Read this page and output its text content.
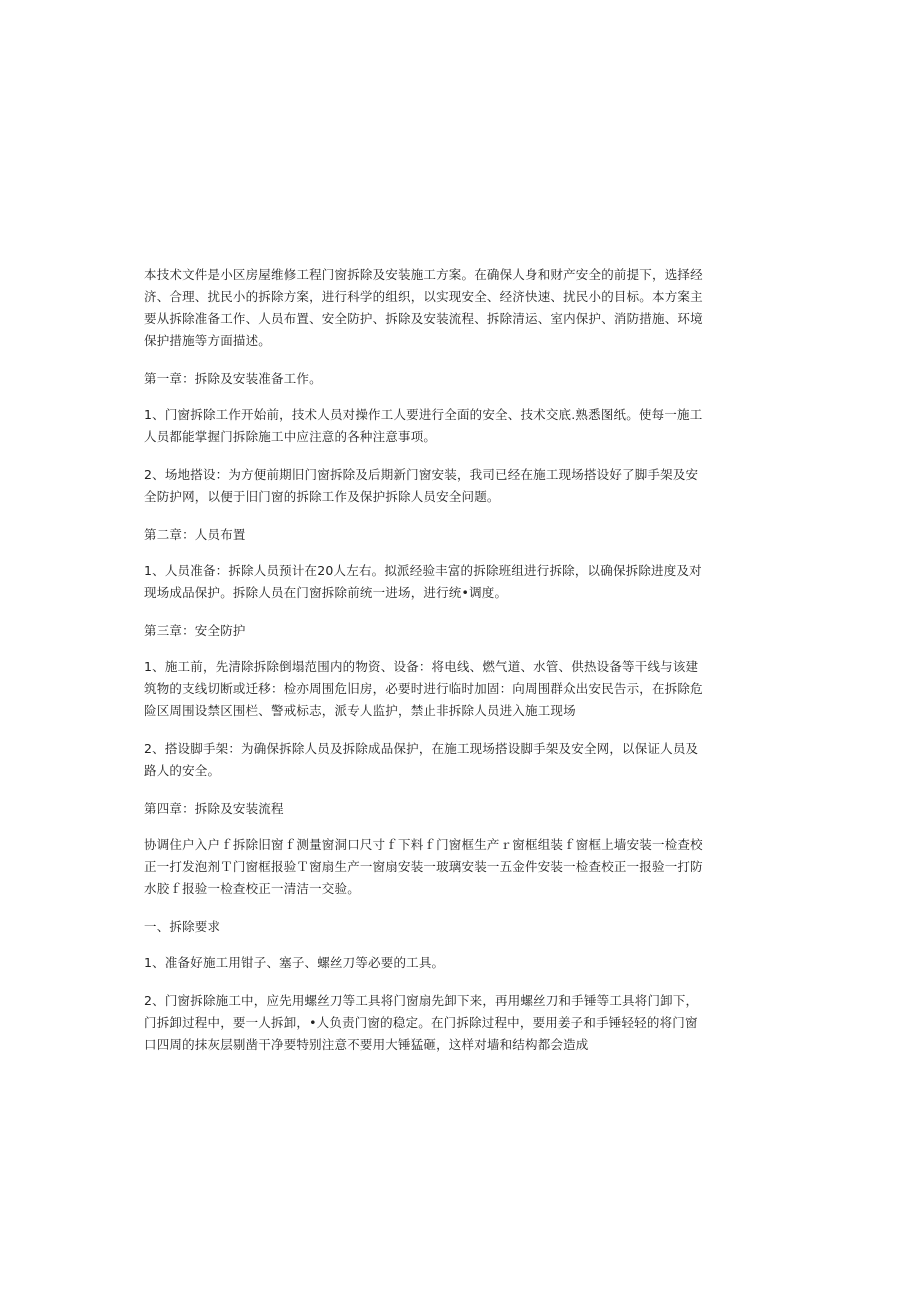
本技术文件是小区房屋维修工程门窗拆除及安装施工方案。在确保人身和财产安全的前提下，选择经济、合理、扰民小的拆除方案，进行科学的组织，以实现安全、经济快速、扰民小的目标。本方案主要从拆除准备工作、人员布置、安全防护、拆除及安装流程、拆除清运、室内保护、消防措施、环境保护措施等方面描述。

第一章：拆除及安装准备工作。

1、门窗拆除工作开始前，技术人员对操作工人要进行全面的安全、技术交底.熟悉图纸。使每一施工人员都能掌握门拆除施工中应注意的各种注意事项。

2、场地搭设：为方便前期旧门窗拆除及后期新门窗安装，我司已经在施工现场搭设好了脚手架及安全防护网，以便于旧门窗的拆除工作及保护拆除人员安全问题。

第二章：人员布置

1、人员准备：拆除人员预计在20人左右。拟派经验丰富的拆除班组进行拆除，以确保拆除进度及对现场成品保护。拆除人员在门窗拆除前统一进场，进行统•调度。

第三章：安全防护

1、施工前，先清除拆除倒塌范围内的物资、设备：将电线、燃气道、水管、供热设备等干线与该建筑物的支线切断或迁移：检亦周围危旧房，必要时进行临时加固：向周围群众出安民告示，在拆除危险区周围设禁区围栏、警戒标志，派专人监护，禁止非拆除人员进入施工现场

2、搭设脚手架：为确保拆除人员及拆除成品保护，在施工现场搭设脚手架及安全网，以保证人员及路人的安全。

第四章：拆除及安装流程

协调住户入户ｆ拆除旧窗ｆ测量窗洞口尺寸ｆ下料ｆ门窗框生产ｒ窗框组装ｆ窗框上墙安装一检查校正一打发泡剂Ｔ门窗框报验Ｔ窗扇生产一窗扇安装一玻璃安装一五金件安装一检查校正一报验一打防水胶ｆ报验一检查校正一清洁一交验。

一、拆除要求

1、准备好施工用钳子、塞子、螺丝刀等必要的工具。

2、门窗拆除施工中，应先用螺丝刀等工具将门窗扇先卸下来，再用螺丝刀和手锤等工具将门卸下，门拆卸过程中，要一人拆卸，•人负责门窗的稳定。在门拆除过程中，要用姜子和手锤轻轻的将门窗口四周的抹灰层剔凿干净要特别注意不要用大锤猛砸，这样对墙和结构都会造成
